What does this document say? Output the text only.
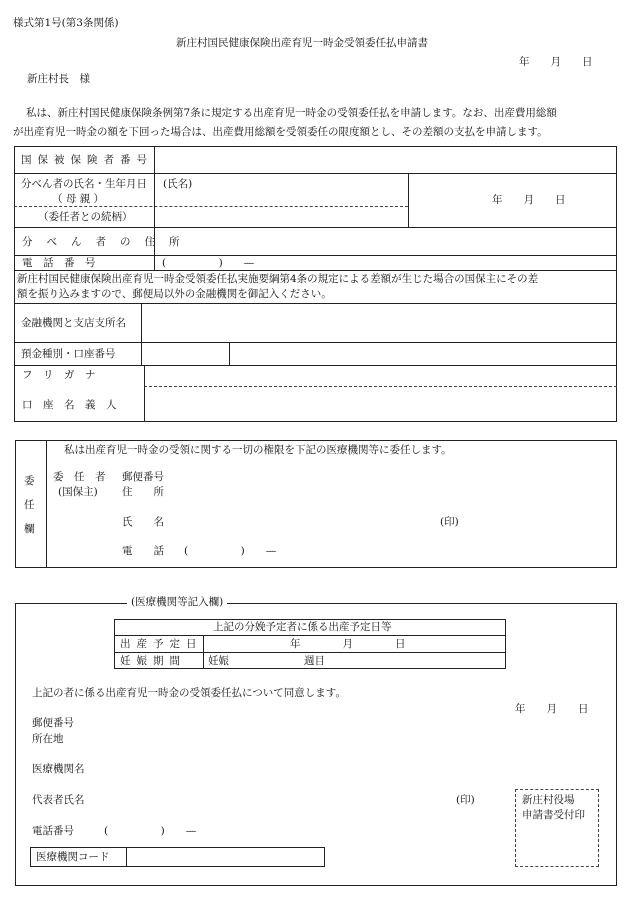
様式第1号(第3条関係)
新庄村国民健康保険出産育児一時金受領委任払申請書
年　　月　　日
新庄村長　様
私は、新庄村国民健康保険条例第7条に規定する出産育児一時金の受領委任払を申請します。なお、出産費用総額
が出産育児一時金の額を下回った場合は、出産費用総額を受領委任の限度額とし、その差額の支払を申請します。
国保被保険者番号
分べん者の氏名・生年月日
（ 母 親 ）
（委任者との続柄）
(氏名)
年　　月　　日
分べん者の住所
電　話　番　号	(　　　　　)　　—
新庄村国民健康保険出産育児一時金受領委任払実施要綱第4条の規定による差額が生じた場合の国保主にその差
額を振り込みますので、郵便局以外の金融機関を御記入ください。
金融機関と支店支所名
預金種別・口座番号
フ　リ　ガ　ナ
口　座　名　義　人
委
任
欄
私は出産育児一時金の受領に関する一切の権限を下記の医療機関等に委任します。
委　任　者
(国保主)
郵便番号
住　　所
氏　　名	(印)
電　　話 (　　　　　)　　—
(医療機関等記入欄)
上記の分娩予定者に係る出産予定日等
出産予定日	年　　　　月　　　　日
妊娠期間 妊娠	週目
上記の者に係る出産育児一時金の受領委任払について同意します。
年　　月　　日
郵便番号
所在地
医療機関名
代表者氏名	(印)
電話番号	(　　　　　)　　—
医療機関コード
新庄村役場
申請書受付印
